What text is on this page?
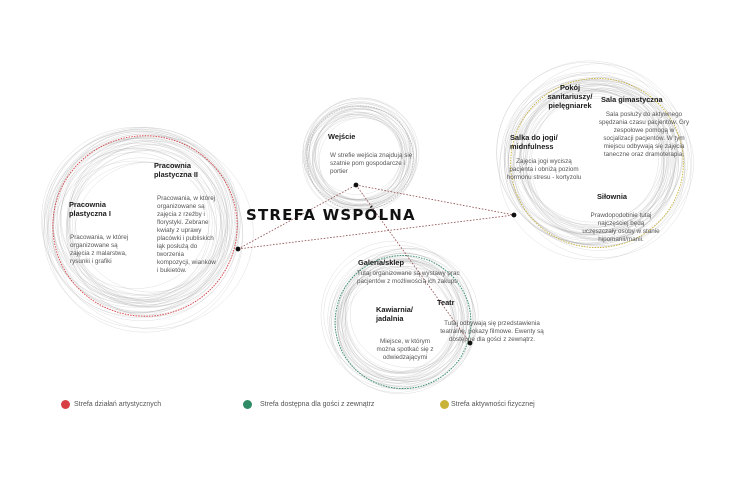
Pracownia plastyczna I
Pracowania, w której organizowane są zajęcia z malarstwa, rysunki i grafiki
Pracownia plastyczna II
Pracowania, w której organizowane są zajęcia z rzeźby i florystyki. Zebrane kwiaty z uprawy placówki i publiskich łąk posłużą do tworzenia kompozycji, wianków i bukietów.
Wejście
W strefie wejścia znajdują się szatnie pom gospodarcze i portier
STREFA WSPÓLNA
Pokój sanitariuszy/ pielęgniarek
Sala gimastyczna
Sala posłuży do aktywnego spędzania czasu pacjentów. Gry zespołowe pomogą w socjalizacji pacjentów. W tym miejscu odbywają się zajęcia taneczne oraz dramoterapia.
Salka do jogi/ midnfulness
Zajęcia jogi wyciszą pacjenta i obniżą poziom hormonu stresu - kortyzolu
Siłownia
Prawdopodobnie tutaj najczęściej będą uczęszczały osoby w stanie hipomanii/manii.
Galeria/sklep
Tutaj organizowane są wystawy prac pacjentów z możliwością ich zakupu
Teatr
Tutaj odbywają się przedstawienia teatralne, pokazy filmowe. Ewenty są dostępne dla gości z zewnątrz.
Kawiarnia/ jadalnia
Miejsce, w którym można spotkać się z odwiedzającymi
Strefa działań artystycznych	Strefa dostępna dla gości z zewnątrz	Strefa aktywności fizycznej
